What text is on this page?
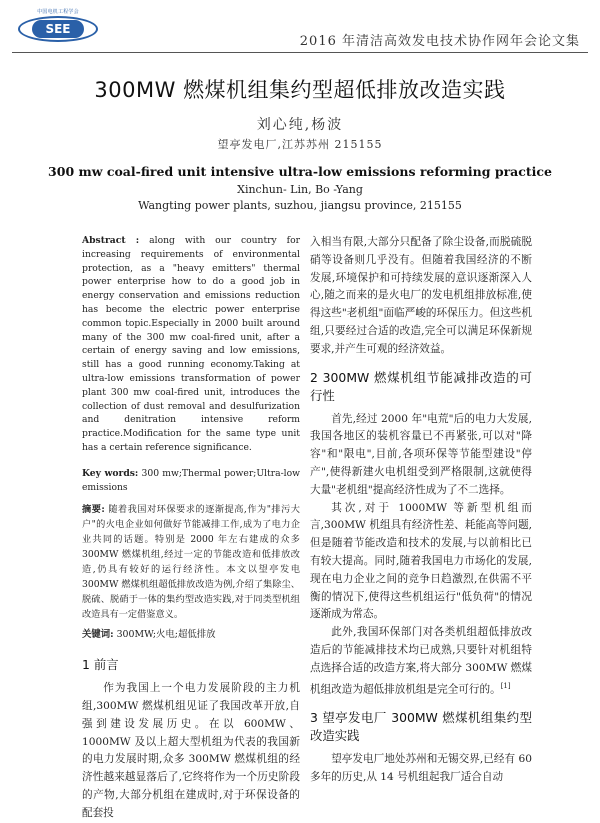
中国电机工程学会
SEE
2016 年清洁高效发电技术协作网年会论文集
300MW 燃煤机组集约型超低排放改造实践
刘心纯,杨波
望亭发电厂,江苏苏州 215155
300 mw coal-fired unit intensive ultra-low emissions reforming practice
Xinchun- Lin, Bo -Yang
Wangting power plants, suzhou, jiangsu province, 215155

Abstract : along with our country for increasing requirements of environmental protection, as a "heavy emitters" thermal power enterprise how to do a good job in energy conservation and emissions reduction has become the electric power enterprise common topic.Especially in 2000 built around many of the 300 mw coal-fired unit, after a certain of energy saving and low emissions, still has a good running economy.Taking at ultra-low emissions transformation of power plant 300 mw coal-fired unit, introduces the collection of dust removal and desulfurization and denitration intensive reform practice.Modification for the same type unit has a certain reference significance.

Key words: 300 mw;Thermal power;Ultra-low emissions

摘要: 随着我国对环保要求的逐渐提高,作为"排污大户"的火电企业如何做好节能减排工作,成为了电力企业共同的话题。特别是 2000 年左右建成的众多 300MW 燃煤机组,经过一定的节能改造和低排放改造,仍具有较好的运行经济性。本文以望亭发电 300MW 燃煤机组超低排放改造为例,介绍了集除尘、脱硫、脱硝于一体的集约型改造实践,对于同类型机组改造具有一定借鉴意义。

关键词: 300MW;火电;超低排放

1 前言

作为我国上一个电力发展阶段的主力机组,300MW 燃煤机组见证了我国改革开放,自强到建设发展历史。在以 600MW、1000MW 及以上超大型机组为代表的我国新的电力发展时期,众多 300MW 燃煤机组的经济性越来越显落后了,它终将作为一个历史阶段的产物,大部分机组在建成时,对于环保设备的配套投

入相当有限,大部分只配备了除尘设备,而脱硫脱硝等设备则几乎没有。但随着我国经济的不断发展,环境保护和可持续发展的意识逐渐深入人心,随之而来的是火电厂的发电机组排放标准,使得这些"老机组"面临严峻的环保压力。但这些机组,只要经过合适的改造,完全可以满足环保新规要求,并产生可观的经济效益。

2 300MW 燃煤机组节能减排改造的可行性

首先,经过 2000 年"电荒"后的电力大发展,我国各地区的装机容量已不再紧张,可以对"降容"和"限电",目前,各项环保等节能型建设"停产",使得新建火电机组受到严格限制,这就使得大量"老机组"提高经济性成为了不二选择。

其次,对于 1000MW 等新型机组而言,300MW 机组具有经济性差、耗能高等问题,但是随着节能改造和技术的发展,与以前相比已有较大提高。同时,随着我国电力市场化的发展,现在电力企业之间的竞争日趋激烈,在供需不平衡的情况下,使得这些机组运行"低负荷"的情况逐渐成为常态。

此外,我国环保部门对各类机组超低排放改造后的节能减排技术均已成熟,只要针对机组特点选择合适的改造方案,将大部分 300MW 燃煤机组改造为超低排放机组是完全可行的。[1]

3 望亭发电厂 300MW 燃煤机组集约型改造实践

望亭发电厂地处苏州和无锡交界,已经有 60 多年的历史,从 14 号机组起我厂适合自动
